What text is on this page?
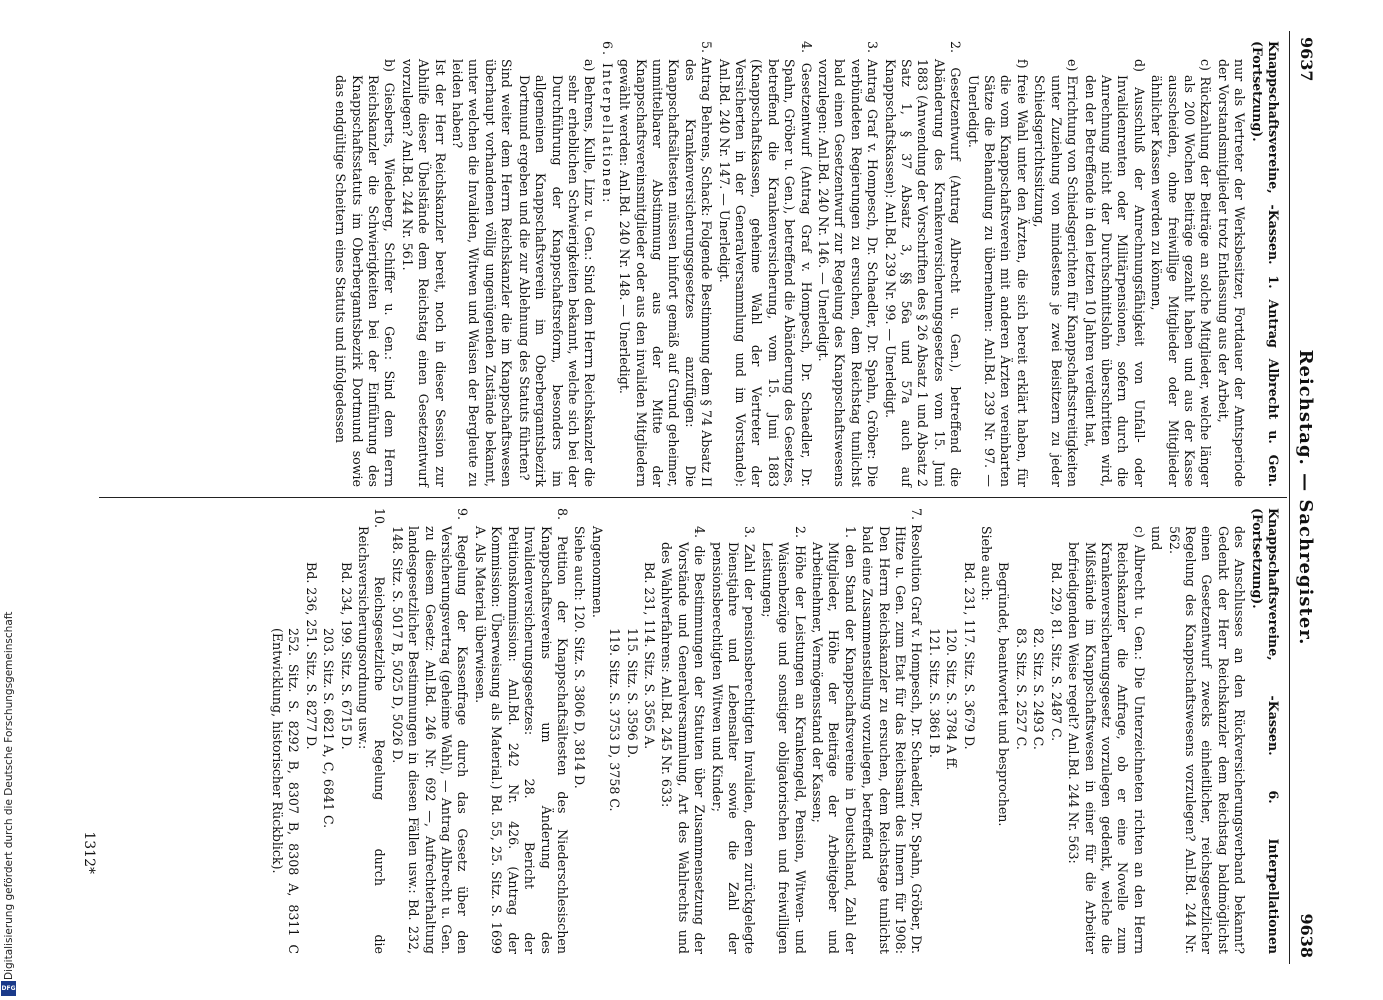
Digitalisierung gefördert durch die Deutsche Forschungsgemeinschaft
DFG
9637
Reichstag. — Sachregister.
9638

Knappschaftsvereine, -Kassen. 1. Antrag Albrecht u. Gen. (Fortsetzung).

nur als Vertreter der Werksbesitzer, Fortdauer der Amtsperiode der Vorstandsmitglieder trotz Entlassung aus der Arbeit,

c) Rückzahlung der Beiträge an solche Mitglieder, welche länger als 200 Wochen Beiträge gezahlt haben und aus der Kasse ausscheiden, ohne freiwillige Mitglieder oder Mitglieder ähnlicher Kassen werden zu können,

d) Ausschluß der Anrechnungsfähigkeit von Unfall- oder Invalidenrenten oder Militärpensionen, sofern durch die Anrechnung nicht der Durchschnittslohn überschritten wird, den der Betreffende in den letzten 10 Jahren verdient hat,

e) Errichtung von Schiedsgerichten für Knappschaftsstreitigkeiten unter Zuziehung von mindestens je zwei Beisitzern zu jeder Schiedsgerichtssitzung,

f) freie Wahl unter den Ärzten, die sich bereit erklärt haben, für die vom Knappschaftsverein mit anderen Ärzten vereinbarten Sätze die Behandlung zu übernehmen: Anl.Bd. 239 Nr. 97. — Unerledigt.

2. Gesetzentwurf (Antrag Albrecht u. Gen.), betreffend die Abänderung des Krankenversicherungsgesetzes vom 15. Juni 1883 (Anwendung der Vorschriften des § 26 Absatz 1 und Absatz 2 Satz 1, § 37 Absatz 3, §§ 56a und 57a auch auf Knappschaftskassen): Anl.Bd. 239 Nr. 99. — Unerledigt.

3. Antrag Graf v. Hompesch, Dr. Schaedler, Dr. Spahn, Gröber: Die verbündeten Regierungen zu ersuchen, dem Reichstag tunlichst bald einen Gesetzentwurf zur Regelung des Knappschaftswesens vorzulegen: Anl.Bd. 240 Nr. 146. — Unerledigt.

4. Gesetzentwurf (Antrag Graf v. Hompesch, Dr. Schaedler, Dr. Spahn, Gröber u. Gen.), betreffend die Abänderung des Gesetzes, betreffend die Krankenversicherung, vom 15. Juni 1883 (Knappschaftskassen, geheime Wahl der Vertreter der Versicherten in der Generalversammlung und im Vorstande): Anl.Bd. 240 Nr. 147. — Unerledigt.

5. Antrag Behrens, Schack: Folgende Bestimmung dem § 74 Absatz II des Krankenversicherungsgesetzes anzufügen: Die Knappschaftsältesten müssen hinfort gemäß auf Grund geheimer, unmittelbarer Abstimmung aus der Mitte der Knappschaftsvereinsmitglieder oder aus den invaliden Mitgliedern gewählt werden: Anl.Bd. 240 Nr. 148. — Unerledigt.

6. Interpellationen:

a) Behrens, Kulle, Linz u. Gen.: Sind dem Herrn Reichskanzler die sehr erheblichen Schwierigkeiten bekannt, welche sich bei der Durchführung der Knappschaftsreform, besonders im allgemeinen Knappschaftsverein im Oberbergamtsbezirk Dortmund ergeben und die zur Ablehnung des Statuts führten?

Sind weiter dem Herrn Reichskanzler die im Knappschaftswesen überhaupt vorhandenen völlig ungenügenden Zustände bekannt, unter welchen die Invaliden, Witwen und Waisen der Bergleute zu leiden haben?

Ist der Herr Reichskanzler bereit, noch in dieser Session zur Abhilfe dieser Übelstände dem Reichstag einen Gesetzentwurf vorzulegen? Anl.Bd. 244 Nr. 561.

b) Giesberts, Wiedeberg, Schiffer u. Gen.: Sind dem Herrn Reichskanzler die Schwierigkeiten bei der Einführung des Knappschaftsstatuts im Oberbergamtsbezirk Dortmund sowie das endgültige Scheitern eines Statuts und infolgedessen

Knappschaftsvereine, -Kassen. 6. Interpellationen (Fortsetzung).

des Anschlusses an den Rückversicherungsverband bekannt? Gedenkt der Herr Reichskanzler dem Reichstag baldmöglichst einen Gesetzentwurf zwecks einheitlicher, reichsgesetzlicher Regelung des Knappschaftswesens vorzulegen? Anl.Bd. 244 Nr. 562.

und

c) Albrecht u. Gen.: Die Unterzeichneten richten an den Herrn Reichskanzler die Anfrage, ob er eine Novelle zum Krankenversicherungsgesetz vorzulegen gedenkt, welche die Mißstände im Knappschaftswesen in einer für die Arbeiter befriedigenden Weise regelt? Anl.Bd. 244 Nr. 563:

Bd. 229, 81. Sitz. S. 2487 C.

82. Sitz. S. 2493 C.

83. Sitz. S. 2527 C.

Begründet, beantwortet und besprochen.

Siehe auch:

Bd. 231, 117. Sitz. S. 3679 D.

120. Sitz. S. 3784 A ff.

121. Sitz. S. 3861 B.

7. Resolution Graf v. Hompesch, Dr. Schaedler, Dr. Spahn, Gröber, Dr. Hitze u. Gen. zum Etat für das Reichsamt des Innern für 1908: Den Herrn Reichskanzler zu ersuchen, dem Reichstage tunlichst bald eine Zusammenstellung vorzulegen, betreffend

1. den Stand der Knappschaftsvereine in Deutschland, Zahl der Mitglieder, Höhe der Beiträge der Arbeitgeber und Arbeitnehmer, Vermögensstand der Kassen;

2. Höhe der Leistungen an Krankengeld, Pension, Witwen- und Waisenbezüge und sonstiger obligatorischen und freiwilligen Leistungen;

3. Zahl der pensionsberechtigten Invaliden, deren zurückgelegte Dienstjahre und Lebensalter sowie die Zahl der pensionsberechtigten Witwen und Kinder;

4. die Bestimmungen der Statuten über Zusammensetzung der Vorstände und Generalversammlung, Art des Wahlrechts und des Wahlverfahrens: Anl.Bd. 245 Nr. 633:

Bd. 231, 114. Sitz. S. 3565 A.

115. Sitz. S. 3596 D.

119. Sitz. S. 3753 D, 3758 C.

Angenommen.

Siehe auch: 120. Sitz. S. 3806 D, 3814 D.

8. Petition der Knappschaftsältesten des Niederschlesischen Knappschaftsvereins um Änderung des Invalidenversicherungsgesetzes: 28. Bericht der Petitionskommission: Anl.Bd. 242 Nr. 426. (Antrag der Kommission: Überweisung als Material.) Bd. 55, 25. Sitz. S. 1699 A. Als Material überwiesen.

9. Regelung der Kassenfrage durch das Gesetz über den Versicherungsvertrag (geheime Wahl), — Antrag Albrecht u. Gen. zu diesem Gesetz: Anl.Bd. 246 Nr. 692 —, Aufrechterhaltung landesgesetzlicher Bestimmungen in diesen Fällen usw.: Bd. 232, 148. Sitz. S. 5017 B, 5025 D, 5026 D.

10. Reichsgesetzliche Regelung durch die Reichsversicherungsordnung usw.:

Bd. 234, 199. Sitz. S. 6715 D.

203. Sitz. S. 6821 A, C, 6841 C.

Bd. 236, 251. Sitz. S. 8277 D.

252. Sitz. S. 8292 B, 8307 B, 8308 A, 8311 C (Entwicklung, historischer Rückblick).

1312*
